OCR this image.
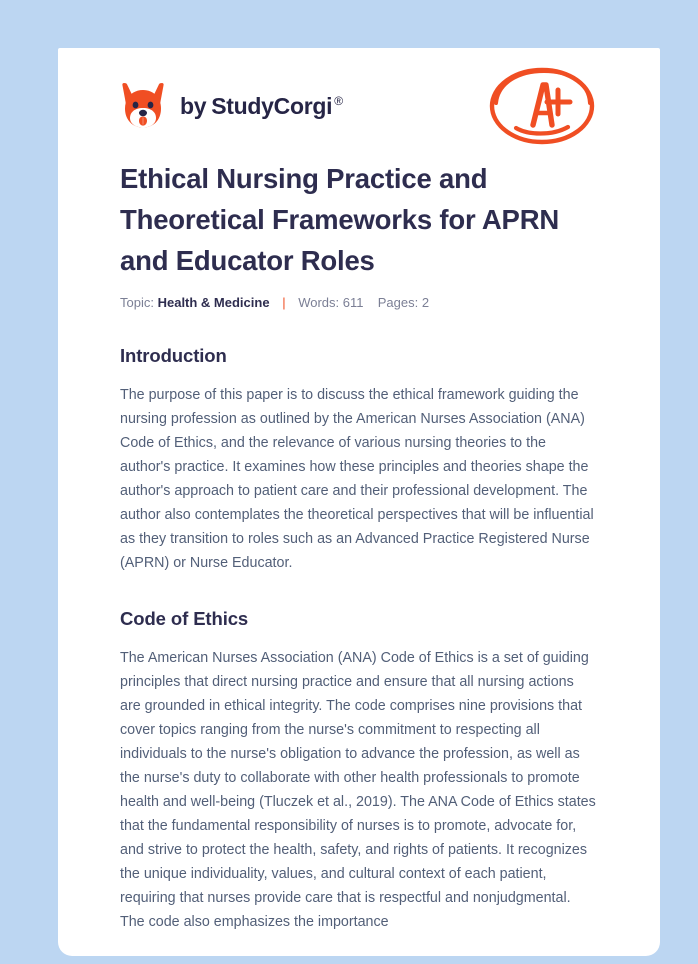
by StudyCorgi ®
Ethical Nursing Practice and Theoretical Frameworks for APRN and Educator Roles
Topic: Health & Medicine | Words: 611 Pages: 2
Introduction

The purpose of this paper is to discuss the ethical framework guiding the nursing profession as outlined by the American Nurses Association (ANA) Code of Ethics, and the relevance of various nursing theories to the author's practice. It examines how these principles and theories shape the author's approach to patient care and their professional development. The author also contemplates the theoretical perspectives that will be influential as they transition to roles such as an Advanced Practice Registered Nurse (APRN) or Nurse Educator.

Code of Ethics

The American Nurses Association (ANA) Code of Ethics is a set of guiding principles that direct nursing practice and ensure that all nursing actions are grounded in ethical integrity. The code comprises nine provisions that cover topics ranging from the nurse's commitment to respecting all individuals to the nurse's obligation to advance the profession, as well as the nurse's duty to collaborate with other health professionals to promote health and well-being (Tluczek et al., 2019). The ANA Code of Ethics states that the fundamental responsibility of nurses is to promote, advocate for, and strive to protect the health, safety, and rights of patients. It recognizes the unique individuality, values, and cultural context of each patient, requiring that nurses provide care that is respectful and nonjudgmental. The code also emphasizes the importance
